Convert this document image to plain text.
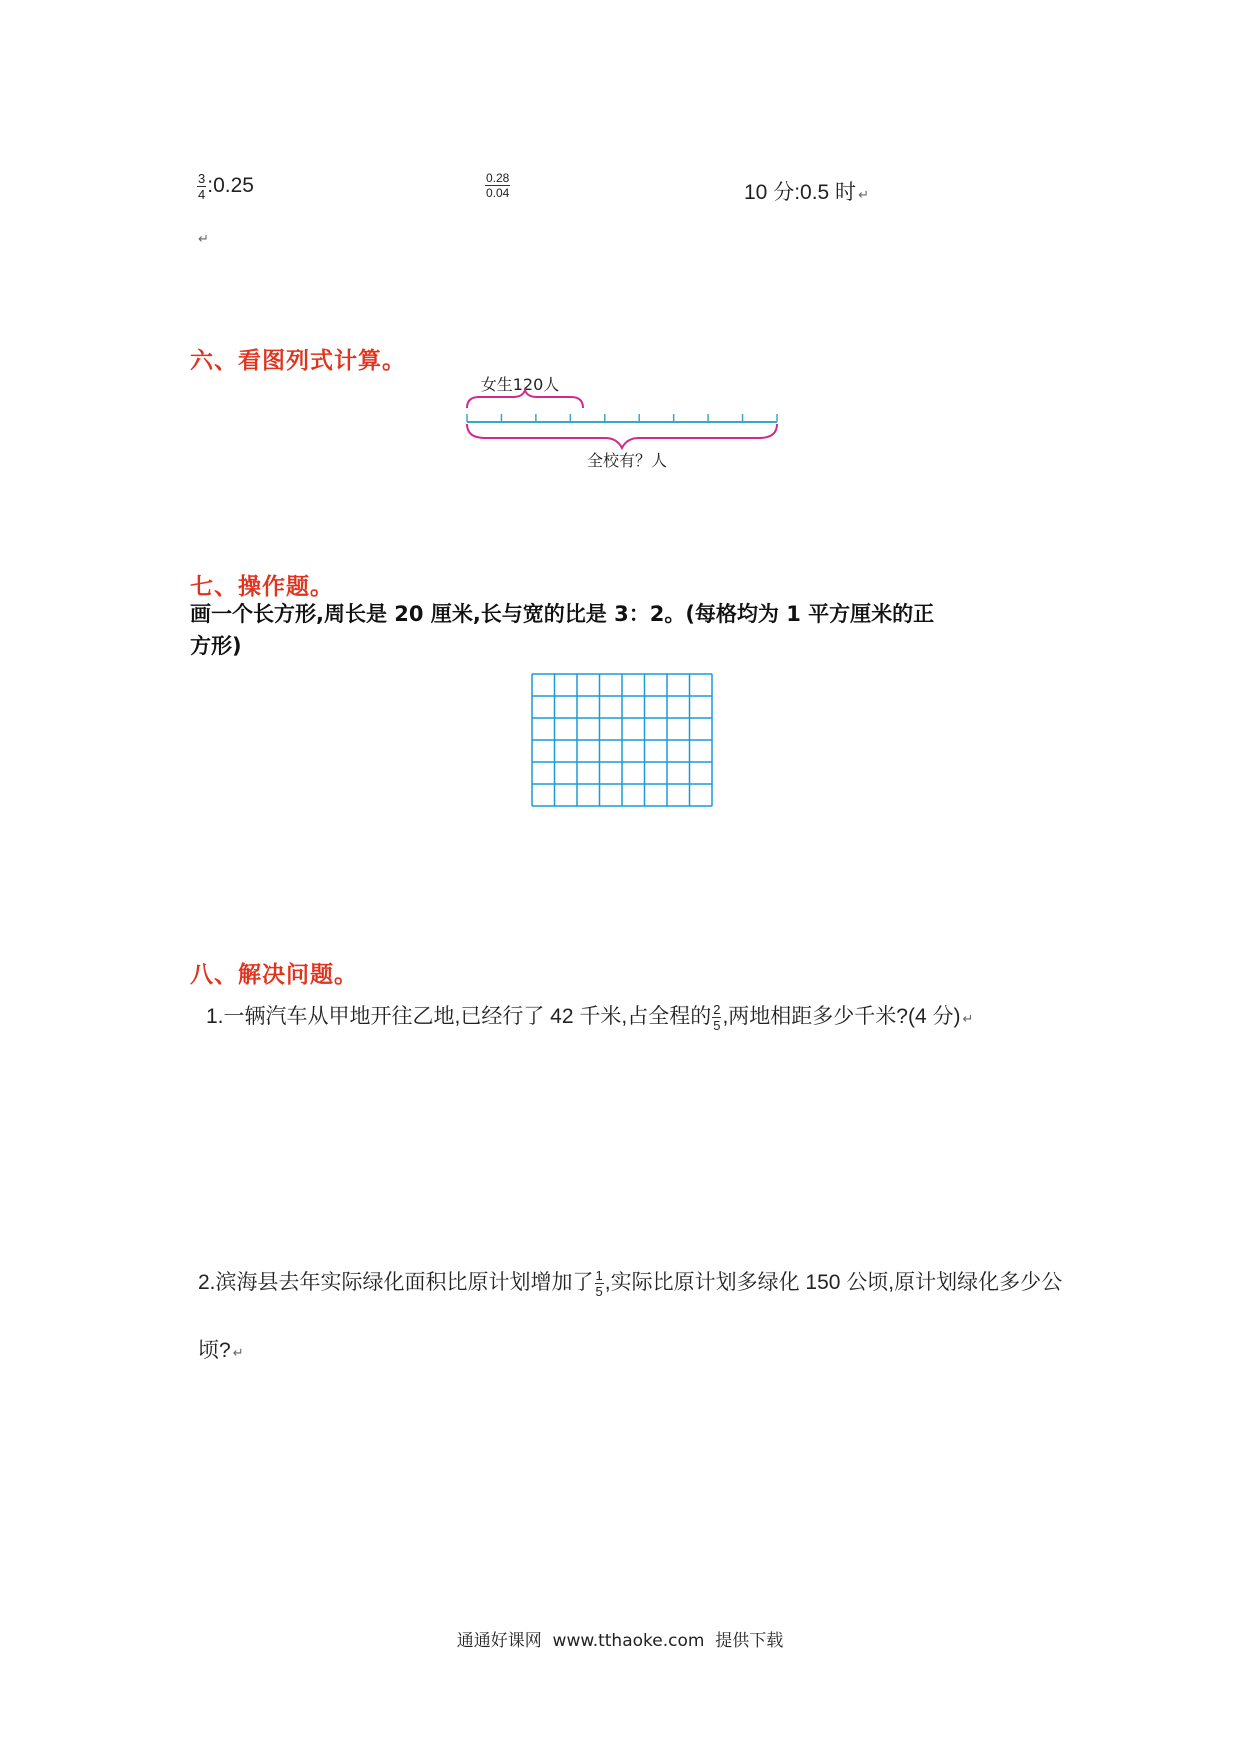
$\frac{3}{4}$ :0.25	$\frac{0.28}{0.04}$	10 分:0.5 时 ↵
↵
六、看图列式计算。
女生120人
全校有？人
七、操作题。
画一个长方形,周长是 20 厘米,长与宽的比是 3：2。(每格均为 1 平方厘米的正
方形)
八、解决问题。
1.一辆汽车从甲地开往乙地,已经行了 42 千米,占全程的 $\frac{2}{5}$ ,两地相距多少千米?(4 分) ↵
2.滨海县去年实际绿化面积比原计划增加了 $\frac{1}{5}$ ,实际比原计划多绿化 150 公顷,原计划绿化多少公
顷? ↵
通通好课网  www.tthaoke.com  提供下载
